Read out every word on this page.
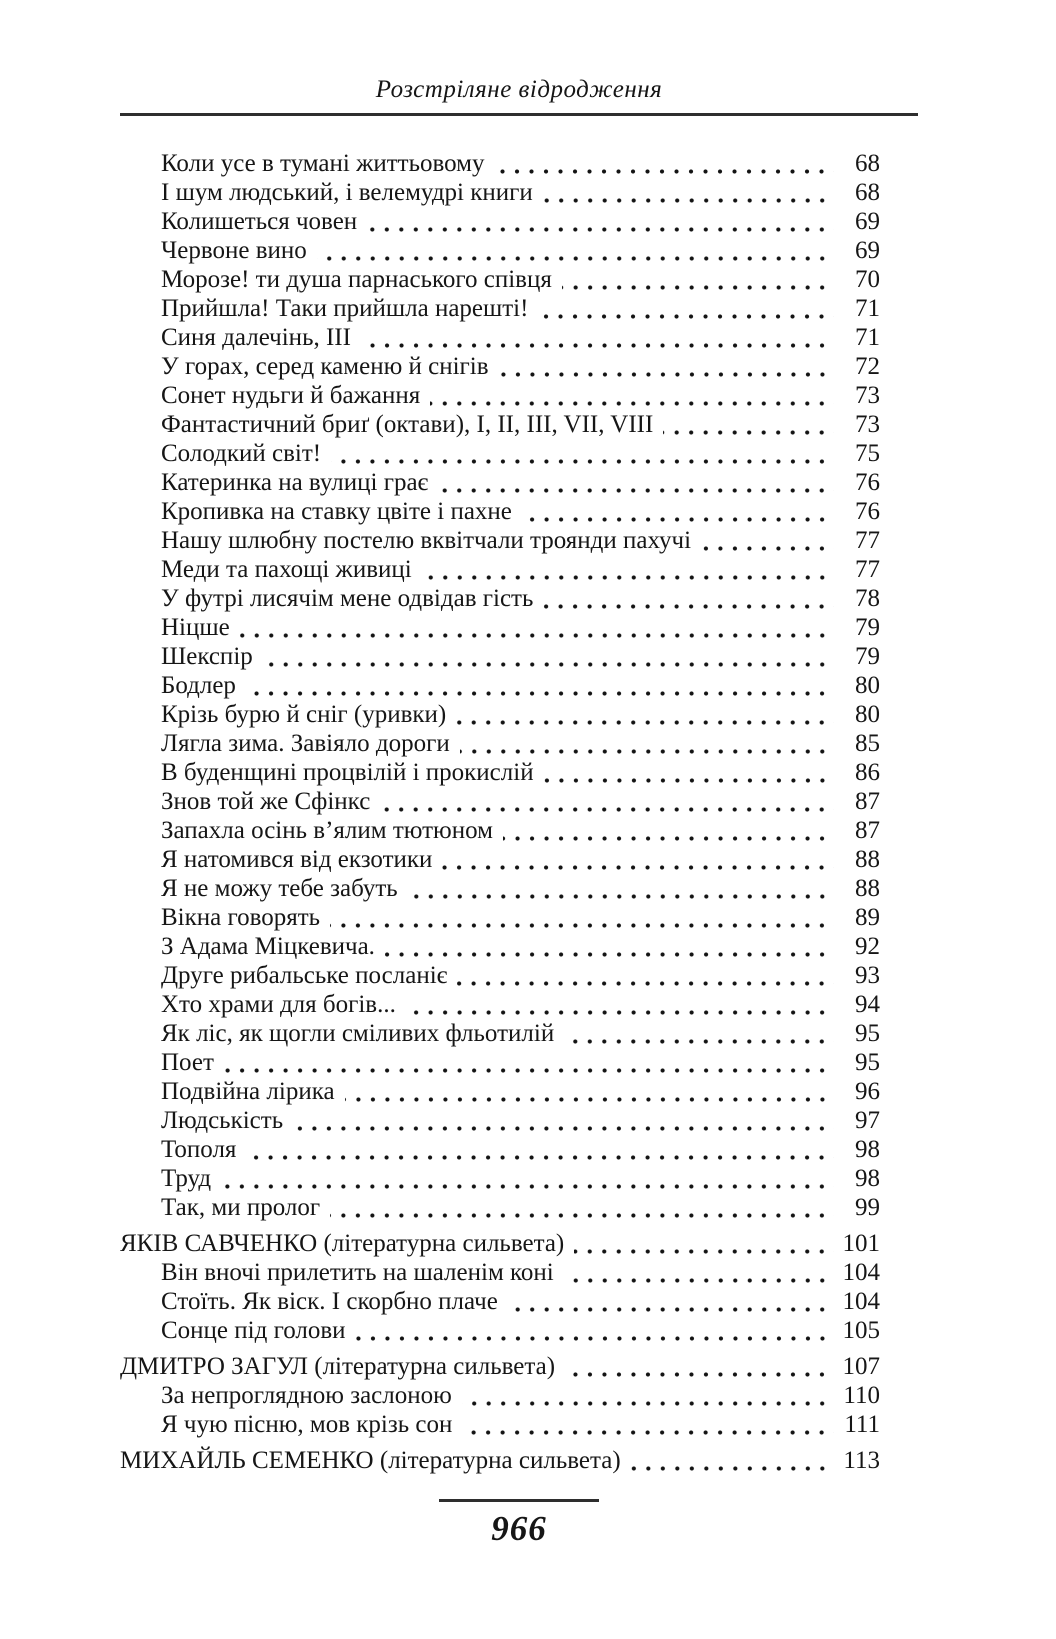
Розстріляне відродження
Коли усе в тумані життьовому	68
І шум людський, і велемудрі книги	68
Колишеться човен	69
Червоне вино	69
Морозе! ти душа парнаського співця	70
Прийшла! Таки прийшла нарешті!	71
Синя далечінь, III	71
У горах, серед каменю й снігів	72
Сонет нудьги й бажання	73
Фантастичний бриґ (октави), I, II, III, VII, VIII	73
Солодкий світ!	75
Катеринка на вулиці грає	76
Кропивка на ставку цвіте і пахне	76
Нашу шлюбну постелю вквітчали троянди пахучі	77
Меди та пахощі живиці	77
У футрі лисячім мене одвідав гість	78
Ніцше	79
Шекспір	79
Бодлер	80
Крізь бурю й сніг (уривки)	80
Лягла зима. Завіяло дороги	85
В буденщині процвілій і прокислій	86
Знов той же Сфінкс	87
Запахла осінь в’ялим тютюном	87
Я натомився від екзотики	88
Я не можу тебе забуть	88
Вікна говорять	89
З Адама Міцкевича.	92
Друге рибальське посланіє	93
Хто храми для богів...	94
Як ліс, як щогли сміливих фльотилій	95
Поет	95
Подвійна лірика	96
Людськість	97
Тополя	98
Труд	98
Так, ми пролог	99
ЯКІВ САВЧЕНКО (літературна сильвета)	101
Він вночі прилетить на шаленім коні	104
Стоїть. Як віск. І скорбно плаче	104
Сонце під голови	105
ДМИТРО ЗАГУЛ (літературна сильвета)	107
За непроглядною заслоною	110
Я чую пісню, мов крізь сон	111
МИХАЙЛЬ СЕМЕНКО (літературна сильвета)	113
966
